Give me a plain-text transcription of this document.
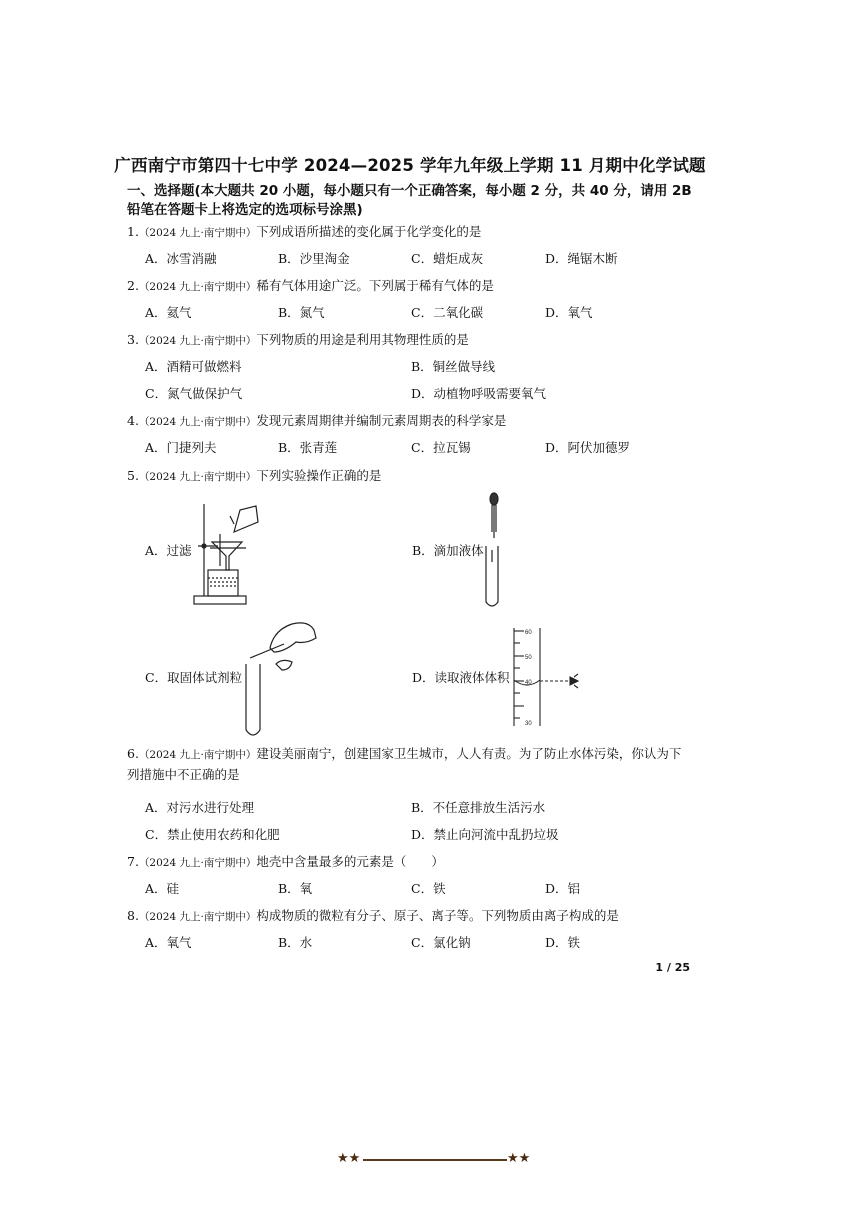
广西南宁市第四十七中学 2024—2025 学年九年级上学期 11 月期中化学试题
一、选择题(本大题共 20 小题，每小题只有一个正确答案，每小题 2 分，共 40 分，请用 2B 铅笔在答题卡上将选定的选项标号涂黑)
1.（2024 九上·南宁期中）下列成语所描述的变化属于化学变化的是
A．冰雪消融	B．沙里淘金	C．蜡炬成灰	D．绳锯木断
2.（2024 九上·南宁期中）稀有气体用途广泛。下列属于稀有气体的是
A．氦气	B．氮气	C．二氧化碳	D．氧气
3.（2024 九上·南宁期中）下列物质的用途是利用其物理性质的是
A．酒精可做燃料	B．铜丝做导线
C．氮气做保护气	D．动植物呼吸需要氧气
4.（2024 九上·南宁期中）发现元素周期律并编制元素周期表的科学家是
A．门捷列夫	B．张青莲	C．拉瓦锡	D．阿伏加德罗
5.（2024 九上·南宁期中）下列实验操作正确的是
A．过滤	B．滴加液体
C．取固体试剂粒	D．读取液体体积
60
50
40
30
6.（2024 九上·南宁期中）建设美丽南宁，创建国家卫生城市，人人有责。为了防止水体污染，你认为下列措施中不正确的是
A．对污水进行处理	B．不任意排放生活污水
C．禁止使用农药和化肥	D．禁止向河流中乱扔垃圾
7.（2024 九上·南宁期中）地壳中含量最多的元素是（　　）
A．硅	B．氧	C．铁	D．铝
8.（2024 九上·南宁期中）构成物质的微粒有分子、原子、离子等。下列物质由离子构成的是
A．氧气	B．水	C．氯化钠	D．铁
1 / 25
★★	★★
